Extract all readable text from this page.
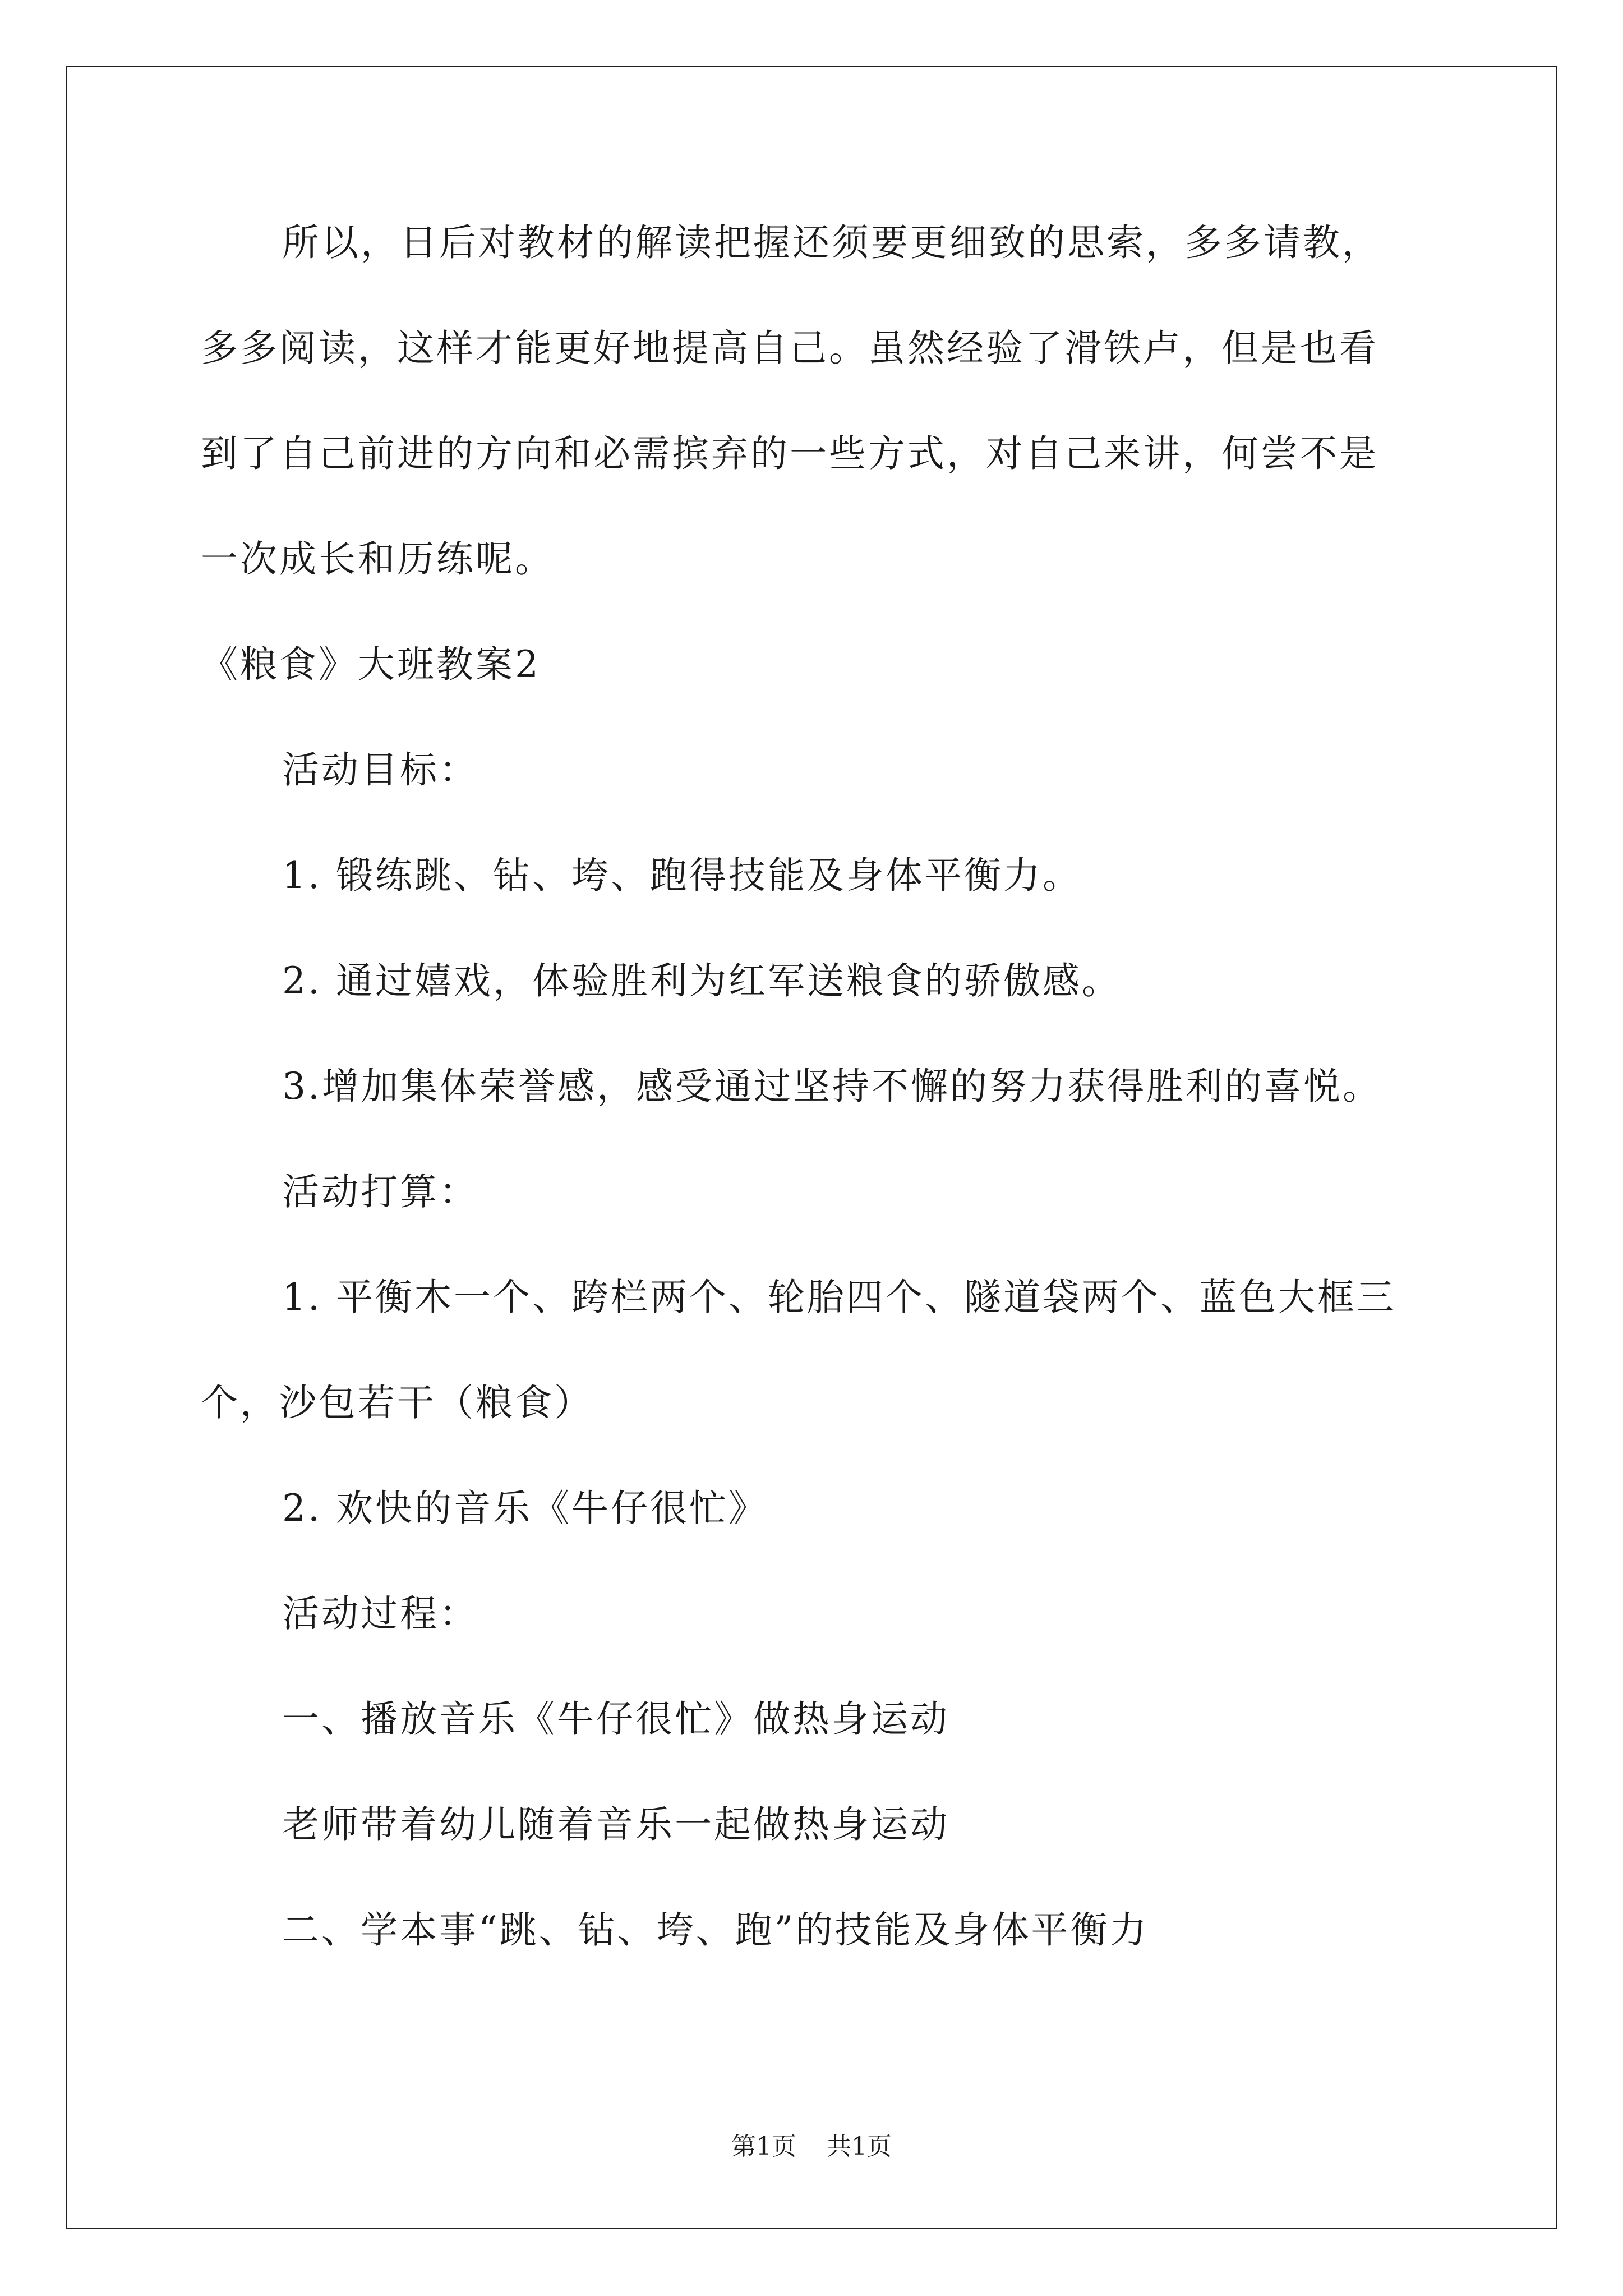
所以，日后对教材的解读把握还须要更细致的思索，多多请教，
多多阅读，这样才能更好地提高自己。虽然经验了滑铁卢，但是也看
到了自己前进的方向和必需摈弃的一些方式，对自己来讲，何尝不是
一次成长和历练呢。
《粮食》大班教案2
活动目标：
1. 锻练跳、钻、垮、跑得技能及身体平衡力。
2. 通过嬉戏，体验胜利为红军送粮食的骄傲感。
3.增加集体荣誉感，感受通过坚持不懈的努力获得胜利的喜悦。
活动打算：
1. 平衡木一个、跨栏两个、轮胎四个、隧道袋两个、蓝色大框三
个，沙包若干（粮食）
2. 欢快的音乐《牛仔很忙》
活动过程：
一、播放音乐《牛仔很忙》做热身运动
老师带着幼儿随着音乐一起做热身运动
二、学本事“跳、钻、垮、跑”的技能及身体平衡力
第1页 共1页
